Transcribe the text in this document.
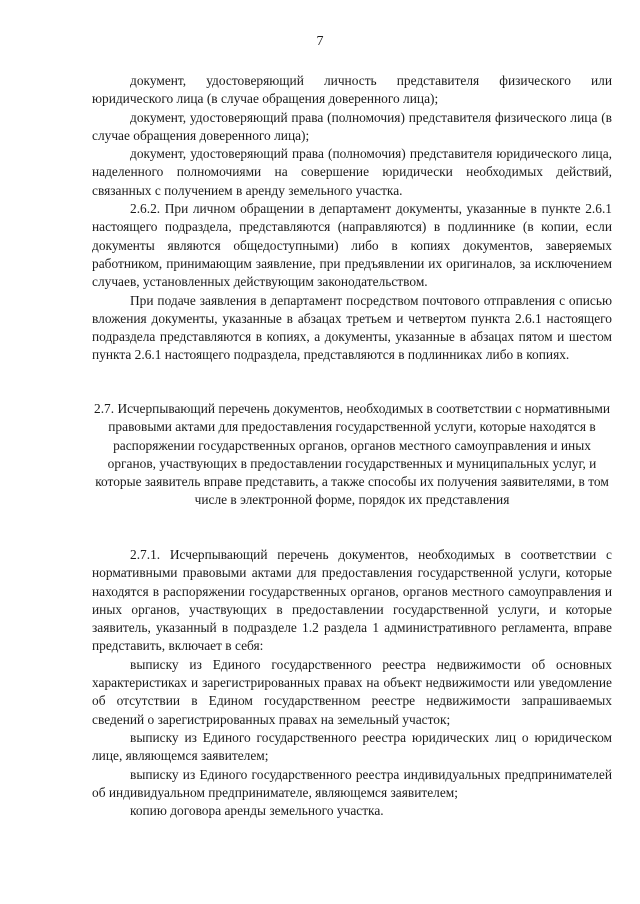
7

документ, удостоверяющий личность представителя физического или юридического лица (в случае обращения доверенного лица);

документ, удостоверяющий права (полномочия) представителя физического лица (в случае обращения доверенного лица);

документ, удостоверяющий права (полномочия) представителя юридического лица, наделенного полномочиями на совершение юридически необходимых действий, связанных с получением в аренду земельного участка.

2.6.2. При личном обращении в департамент документы, указанные в пункте 2.6.1 настоящего подраздела, представляются (направляются) в подлиннике (в копии, если документы являются общедоступными) либо в копиях документов, заверяемых работником, принимающим заявление, при предъявлении их оригиналов, за исключением случаев, установленных действующим законодательством.

При подаче заявления в департамент посредством почтового отправления с описью вложения документы, указанные в абзацах третьем и четвертом пункта 2.6.1 настоящего подраздела представляются в копиях, а документы, указанные в абзацах пятом и шестом пункта 2.6.1 настоящего подраздела, представляются в подлинниках либо в копиях.

2.7. Исчерпывающий перечень документов, необходимых в соответствии с нормативными правовыми актами для предоставления государственной услуги, которые находятся в распоряжении государственных органов, органов местного самоуправления и иных органов, участвующих в предоставлении государственных и муниципальных услуг, и которые заявитель вправе представить, а также способы их получения заявителями, в том числе в электронной форме, порядок их представления

2.7.1. Исчерпывающий перечень документов, необходимых в соответствии с нормативными правовыми актами для предоставления государственной услуги, которые находятся в распоряжении государственных органов, органов местного самоуправления и иных органов, участвующих в предоставлении государственной услуги, и которые заявитель, указанный в подразделе 1.2 раздела 1 административного регламента, вправе представить, включает в себя:

выписку из Единого государственного реестра недвижимости об основных характеристиках и зарегистрированных правах на объект недвижимости или уведомление об отсутствии в Едином государственном реестре недвижимости запрашиваемых сведений о зарегистрированных правах на земельный участок;

выписку из Единого государственного реестра юридических лиц о юридическом лице, являющемся заявителем;

выписку из Единого государственного реестра индивидуальных предпринимателей об индивидуальном предпринимателе, являющемся заявителем;

копию договора аренды земельного участка.
